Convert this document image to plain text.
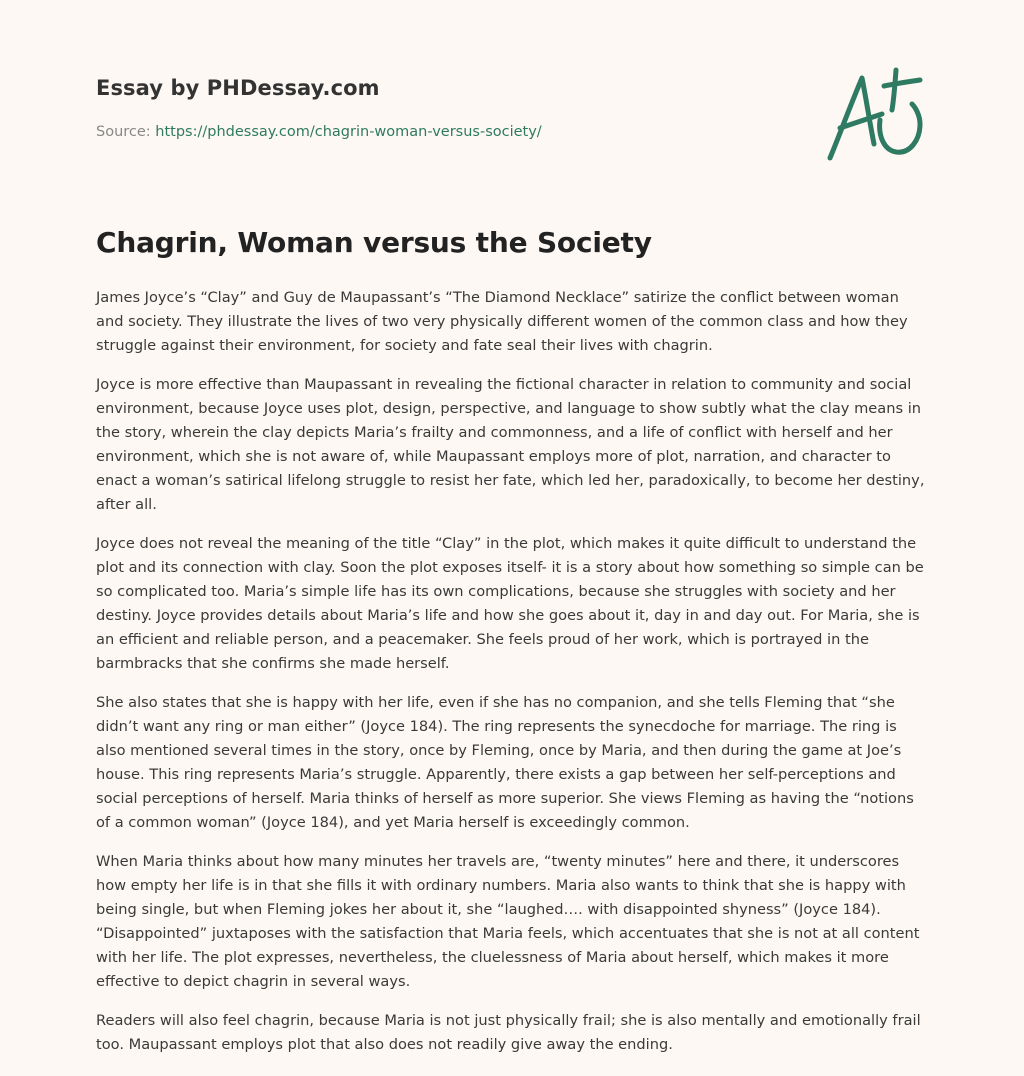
Essay by PHDessay.com
Source: https://phdessay.com/chagrin-woman-versus-society/
Chagrin, Woman versus the Society

James Joyce’s “Clay” and Guy de Maupassant’s “The Diamond Necklace” satirize the conflict between woman and society. They illustrate the lives of two very physically different women of the common class and how they struggle against their environment, for society and fate seal their lives with chagrin.

Joyce is more effective than Maupassant in revealing the fictional character in relation to community and social environment, because Joyce uses plot, design, perspective, and language to show subtly what the clay means in the story, wherein the clay depicts Maria’s frailty and commonness, and a life of conflict with herself and her environment, which she is not aware of, while Maupassant employs more of plot, narration, and character to enact a woman’s satirical lifelong struggle to resist her fate, which led her, paradoxically, to become her destiny, after all.

Joyce does not reveal the meaning of the title “Clay” in the plot, which makes it quite difficult to understand the plot and its connection with clay. Soon the plot exposes itself- it is a story about how something so simple can be so complicated too. Maria’s simple life has its own complications, because she struggles with society and her destiny. Joyce provides details about Maria’s life and how she goes about it, day in and day out. For Maria, she is an efficient and reliable person, and a peacemaker. She feels proud of her work, which is portrayed in the barmbracks that she confirms she made herself.

She also states that she is happy with her life, even if she has no companion, and she tells Fleming that “she didn’t want any ring or man either” (Joyce 184). The ring represents the synecdoche for marriage. The ring is also mentioned several times in the story, once by Fleming, once by Maria, and then during the game at Joe’s house. This ring represents Maria’s struggle. Apparently, there exists a gap between her self-perceptions and social perceptions of herself. Maria thinks of herself as more superior. She views Fleming as having the “notions of a common woman” (Joyce 184), and yet Maria herself is exceedingly common.

When Maria thinks about how many minutes her travels are, “twenty minutes” here and there, it underscores how empty her life is in that she fills it with ordinary numbers. Maria also wants to think that she is happy with being single, but when Fleming jokes her about it, she “laughed…. with disappointed shyness” (Joyce 184). “Disappointed” juxtaposes with the satisfaction that Maria feels, which accentuates that she is not at all content with her life. The plot expresses, nevertheless, the cluelessness of Maria about herself, which makes it more effective to depict chagrin in several ways.

Readers will also feel chagrin, because Maria is not just physically frail; she is also mentally and emotionally frail too. Maupassant employs plot that also does not readily give away the ending.
